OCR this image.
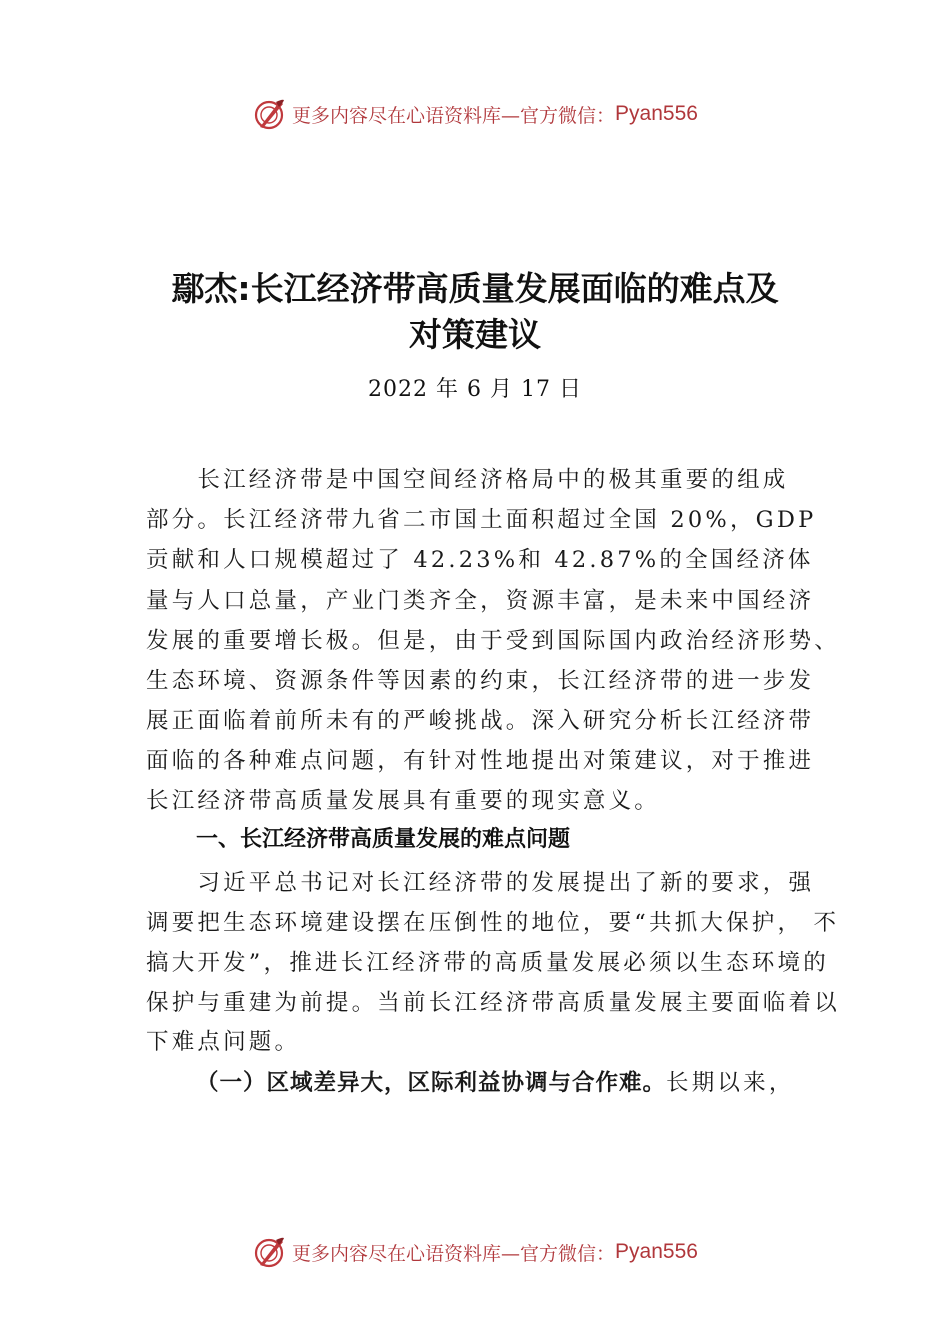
更多内容尽在心语资料库—官方微信： Pyan556
鄢杰:长江经济带高质量发展面临的难点及
对策建议
2022 年 6 月 17 日
　　长江经济带是中国空间经济格局中的极其重要的组成
部分。长江经济带九省二市国土面积超过全国 20%，GDP
贡献和人口规模超过了 42.23%和 42.87%的全国经济体
量与人口总量，产业门类齐全，资源丰富，是未来中国经济
发展的重要增长极。但是，由于受到国际国内政治经济形势、
生态环境、资源条件等因素的约束，长江经济带的进一步发
展正面临着前所未有的严峻挑战。深入研究分析长江经济带
面临的各种难点问题，有针对性地提出对策建议，对于推进
长江经济带高质量发展具有重要的现实意义。
一、长江经济带高质量发展的难点问题
　　习近平总书记对长江经济带的发展提出了新的要求，强
调要把生态环境建设摆在压倒性的地位，要“共抓大保护， 不
搞大开发”，推进长江经济带的高质量发展必须以生态环境的
保护与重建为前提。当前长江经济带高质量发展主要面临着以
下难点问题。
（一）区域差异大，区际利益协调与合作难。长期以来，
更多内容尽在心语资料库—官方微信： Pyan556
